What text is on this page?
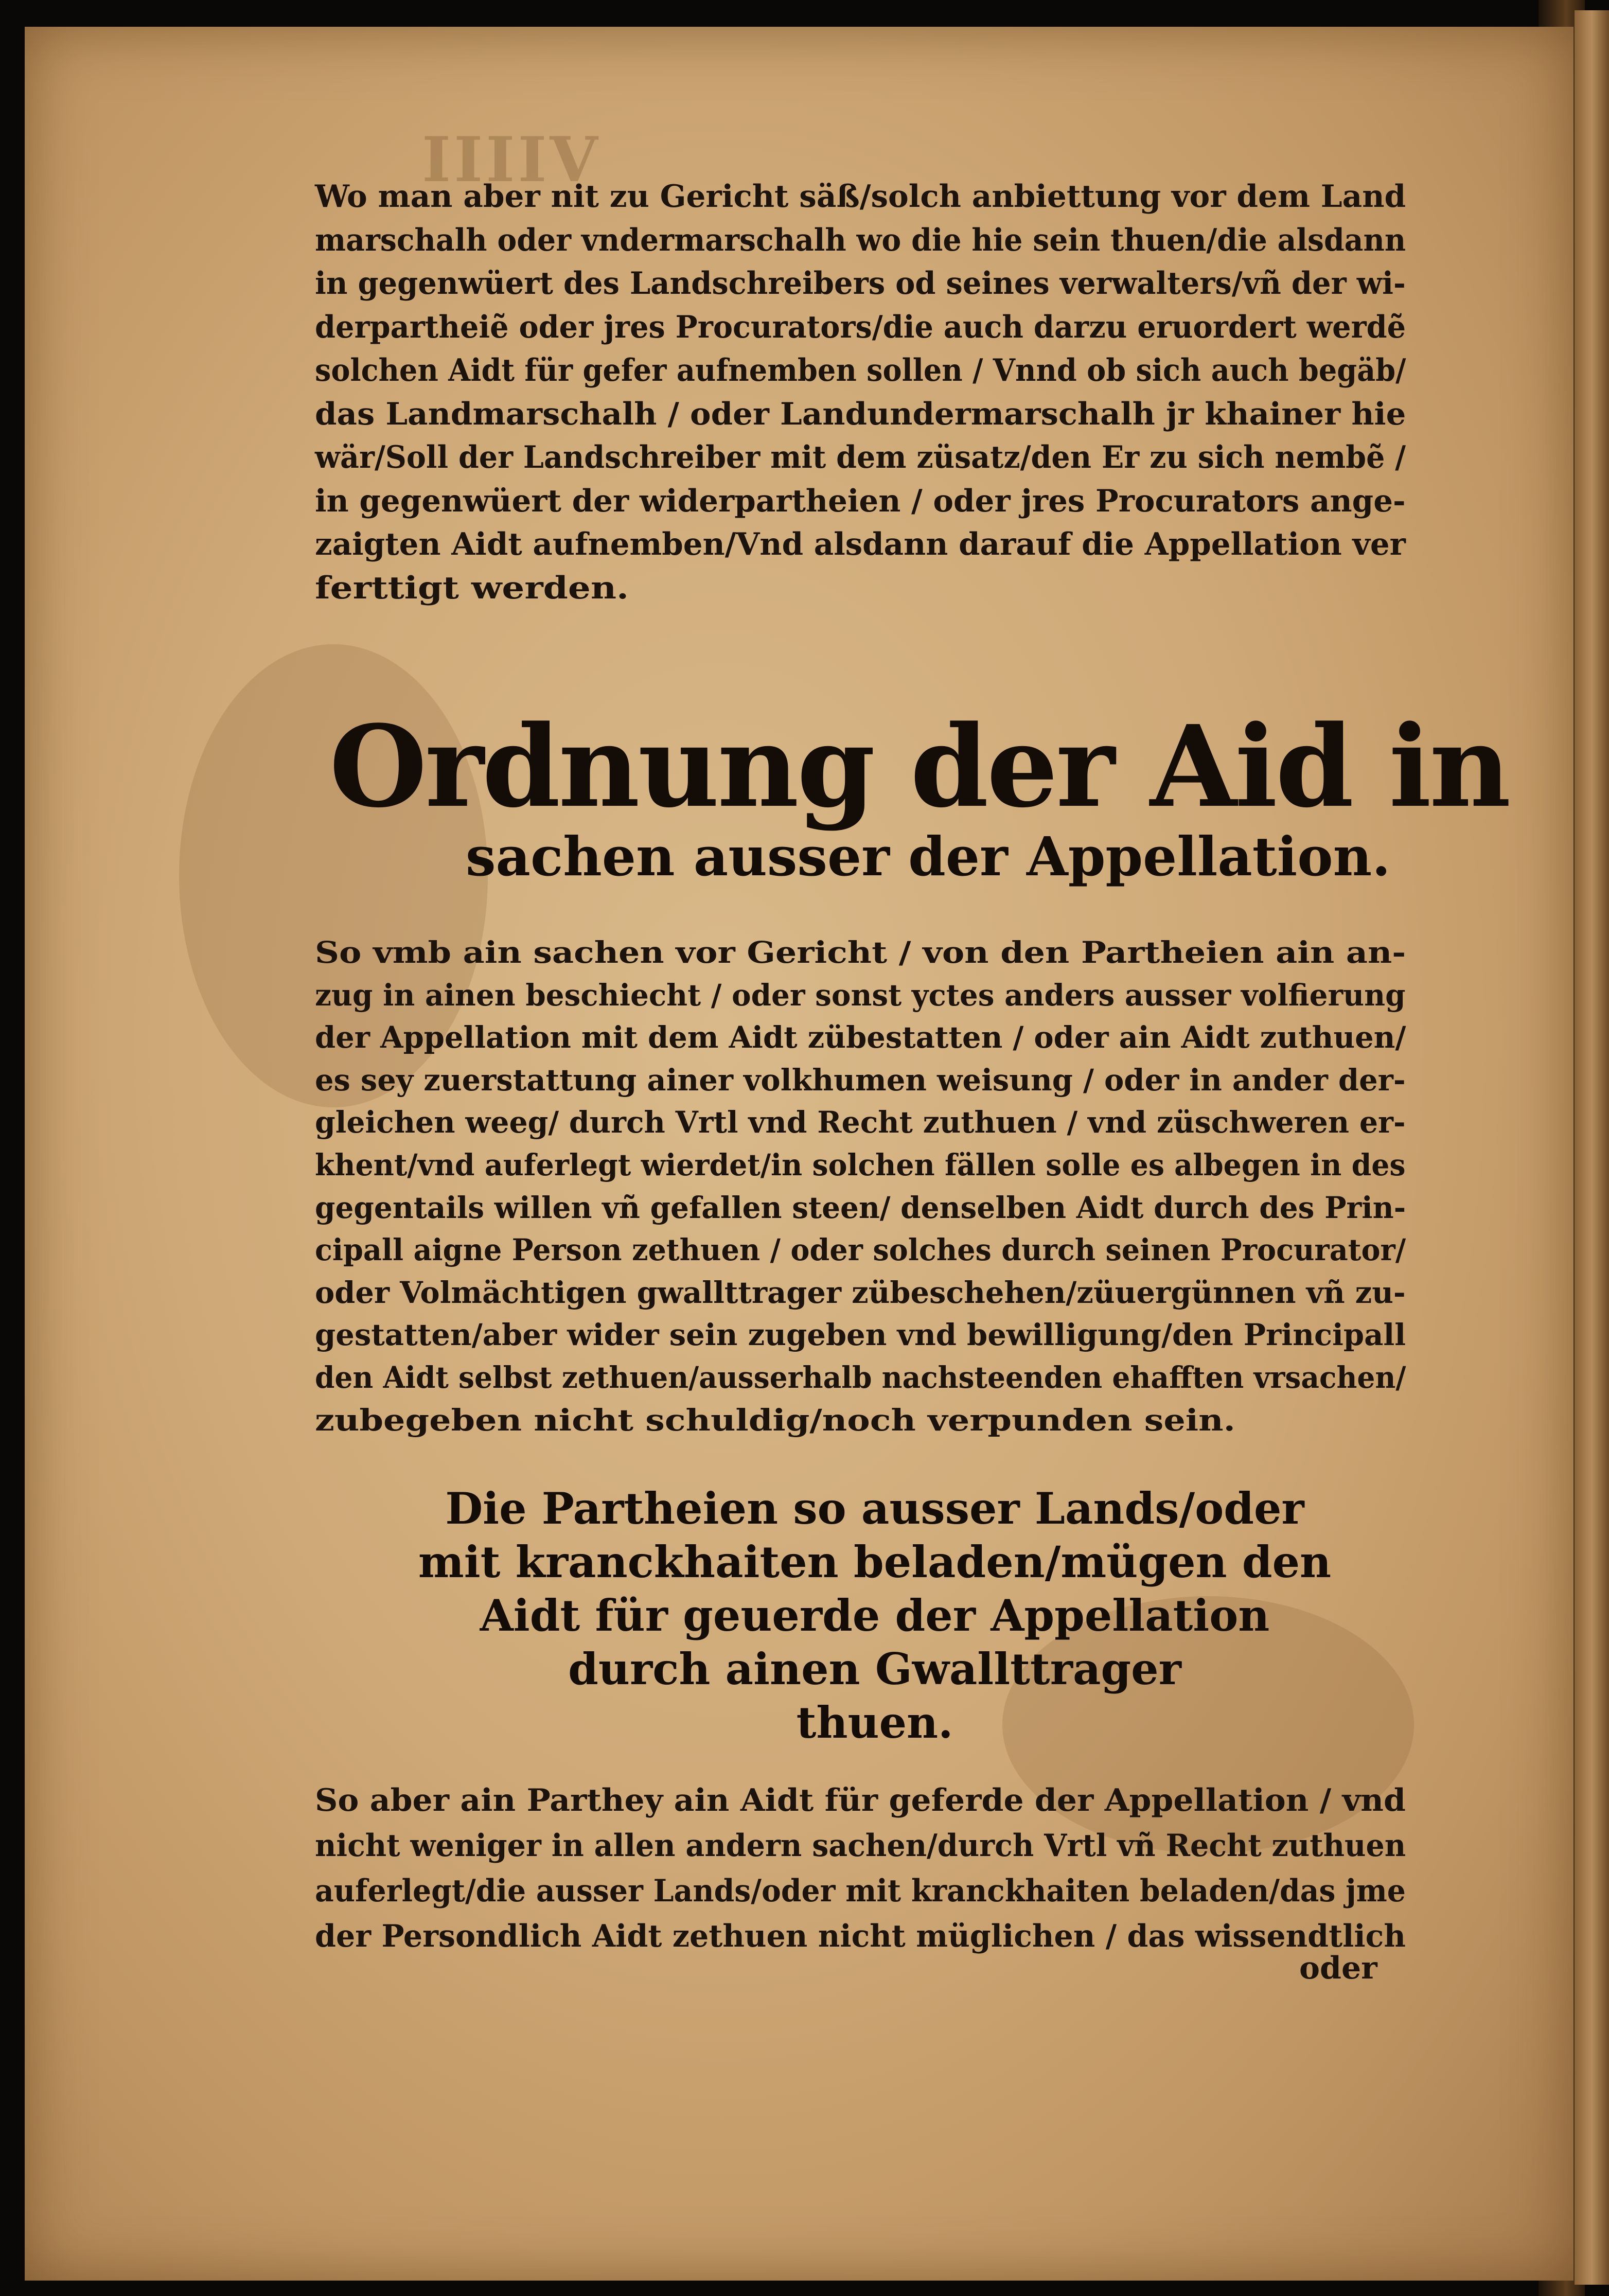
IIIIV
Wo man aber nit zu Gericht säß/solch anbiettung vor dem Land
marschalh oder vndermarschalh wo die hie sein thuen/die alsdann
in gegenwüert des Landschreibers od seines verwalters/vñ der wi-
derpartheiẽ oder jres Procurators/die auch darzu eruordert werdẽ
solchen Aidt für gefer aufnemben sollen / Vnnd ob sich auch begäb/
das Landmarschalh / oder Landundermarschalh jr khainer hie
wär/Soll der Landschreiber mit dem züsatz/den Er zu sich nembẽ /
in gegenwüert der widerpartheien / oder jres Procurators ange-
zaigten Aidt aufnemben/Vnd alsdann darauf die Appellation ver
ferttigt werden.
Ordnung der Aid in
sachen ausser der Appellation.
So vmb ain sachen vor Gericht / von den Partheien ain an-
zug in ainen beschiecht / oder sonst yctes anders ausser volfierung
der Appellation mit dem Aidt zübestatten / oder ain Aidt zuthuen/
es sey zuerstattung ainer volkhumen weisung / oder in ander der-
gleichen weeg/ durch Vrtl vnd Recht zuthuen / vnd züschweren er-
khent/vnd auferlegt wierdet/in solchen fällen solle es albegen in des
gegentails willen vñ gefallen steen/ denselben Aidt durch des Prin-
cipall aigne Person zethuen / oder solches durch seinen Procurator/
oder Volmächtigen gwallttrager zübeschehen/züuergünnen vñ zu-
gestatten/aber wider sein zugeben vnd bewilligung/den Principall
den Aidt selbst zethuen/ausserhalb nachsteenden ehafften vrsachen/
zubegeben nicht schuldig/noch verpunden sein.
Die Partheien so ausser Lands/oder
mit kranckhaiten beladen/mügen den
Aidt für geuerde der Appellation
durch ainen Gwallttrager
thuen.
So aber ain Parthey ain Aidt für geferde der Appellation / vnd
nicht weniger in allen andern sachen/durch Vrtl vñ Recht zuthuen
auferlegt/die ausser Lands/oder mit kranckhaiten beladen/das jme
der Persondlich Aidt zethuen nicht müglichen / das wissendtlich
oder
